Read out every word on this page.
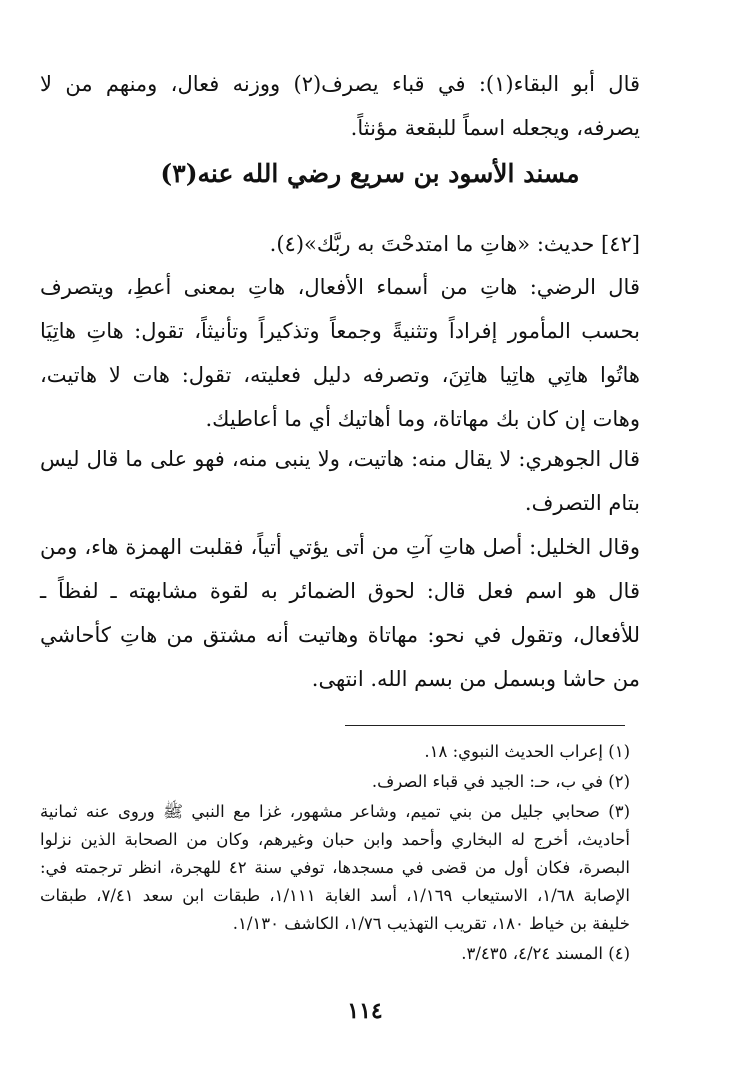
قال أبو البقاء(١): في قباء يصرف(٢) ووزنه فعال، ومنهم من لا يصرفه، ويجعله اسماً للبقعة مؤنثاً.
مسند الأسود بن سريع رضي الله عنه(٣)
[٤٢] حديث: «هاتِ ما امتدحْتَ به ربَّك»(٤).
قال الرضي: هاتِ من أسماء الأفعال، هاتِ بمعنى أعطِ، ويتصرف بحسب المأمور إفراداً وتثنيةً وجمعاً وتذكيراً وتأنيثاً، تقول: هاتِ هاتِيَا هاتُوا هاتِي هاتِيا هاتِنَ، وتصرفه دليل فعليته، تقول: هات لا هاتيت، وهات إن كان بك مهاتاة، وما أهاتيك أي ما أعاطيك.
قال الجوهري: لا يقال منه: هاتيت، ولا ينبى منه، فهو على ما قال ليس بتام التصرف.
وقال الخليل: أصل هاتِ آتِ من أتى يؤتي أتياً، فقلبت الهمزة هاء، ومن قال هو اسم فعل قال: لحوق الضمائر به لقوة مشابهته ـ لفظاً ـ للأفعال، وتقول في نحو: مهاتاة وهاتيت أنه مشتق من هاتِ كأحاشي من حاشا وبسمل من بسم الله. انتهى.
(١) إعراب الحديث النبوي: ١٨.
(٢) في ب، حـ: الجيد في قباء الصرف.
(٣) صحابي جليل من بني تميم، وشاعر مشهور، غزا مع النبي ﷺ وروى عنه ثمانية أحاديث، أخرج له البخاري وأحمد وابن حبان وغيرهم، وكان من الصحابة الذين نزلوا البصرة، فكان أول من قضى في مسجدها، توفي سنة ٤٢ للهجرة، انظر ترجمته في: الإصابة ١/٦٨، الاستيعاب ١/١٦٩، أسد الغابة ١/١١١، طبقات ابن سعد ٧/٤١، طبقات خليفة بن خياط ١٨٠، تقريب التهذيب ١/٧٦، الكاشف ١/١٣٠.
(٤) المسند ٤/٢٤، ٣/٤٣٥.
١١٤
